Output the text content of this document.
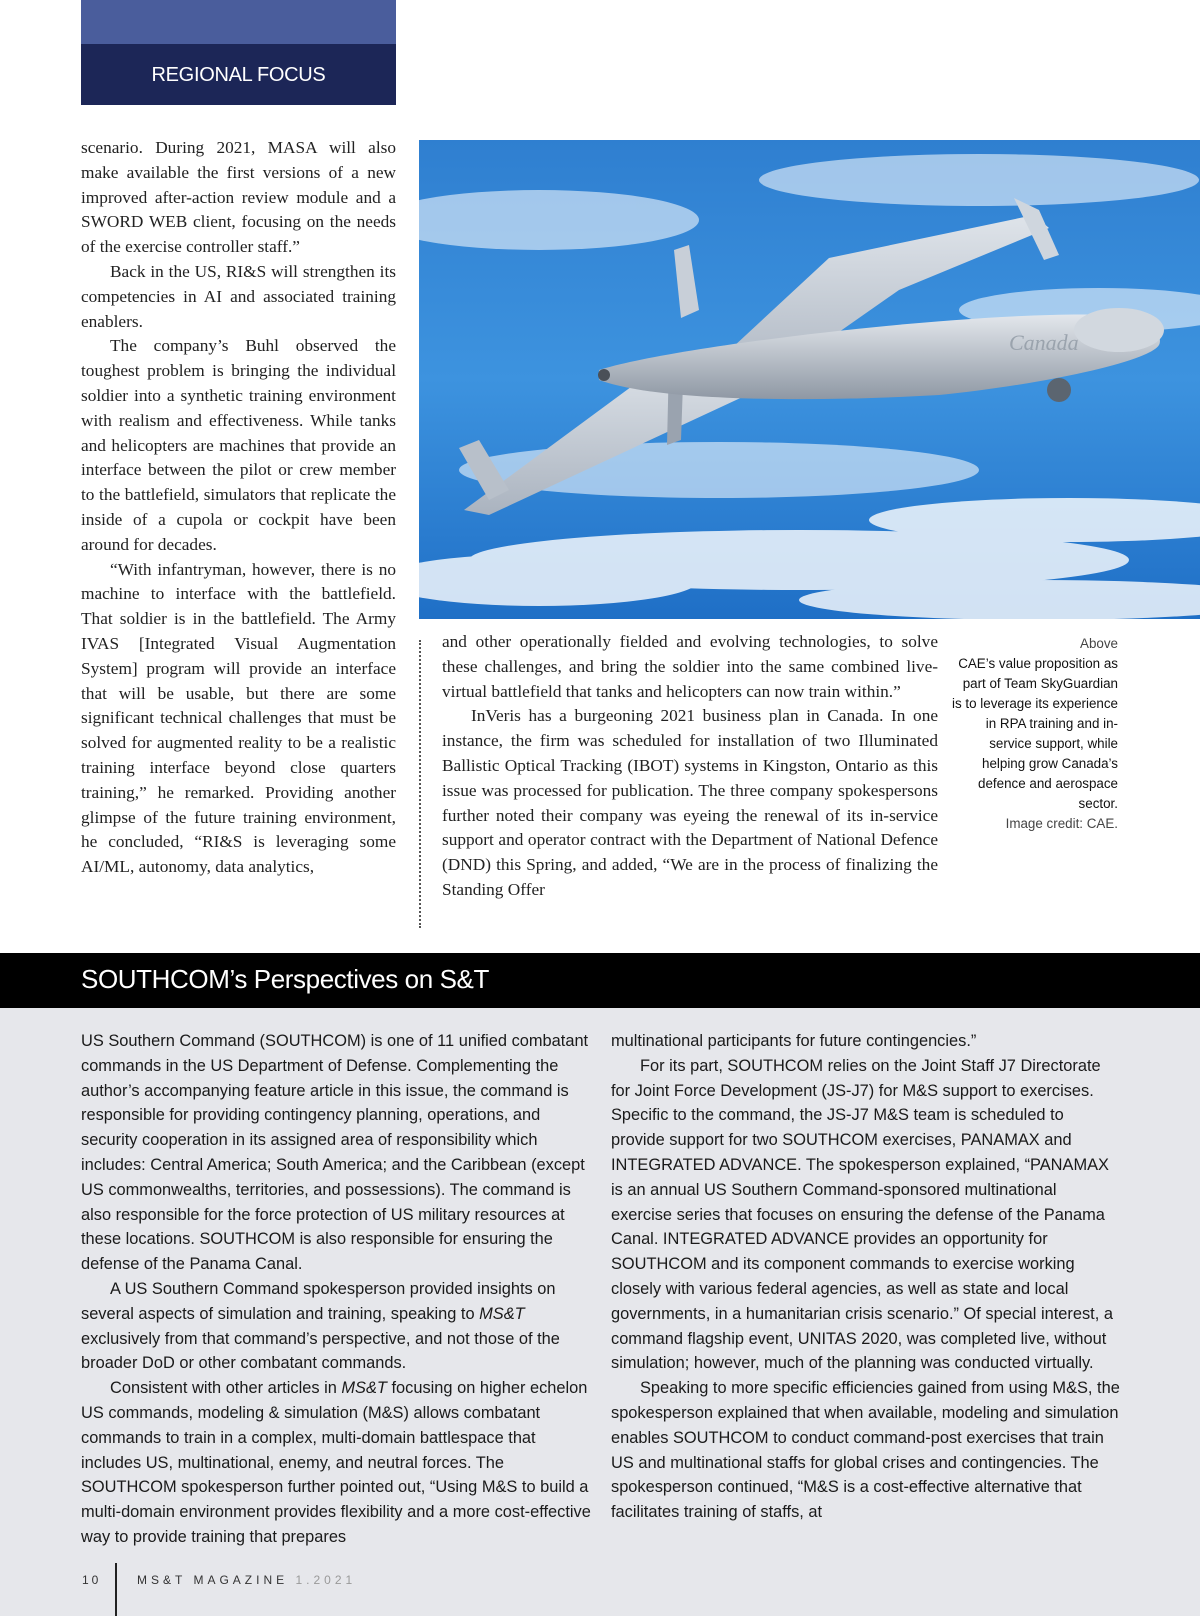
REGIONAL FOCUS

scenario. During 2021, MASA will also make available the first versions of a new improved after-action review module and a SWORD WEB client, focusing on the needs of the exercise controller staff.”

Back in the US, RI&S will strengthen its competencies in AI and associated training enablers.

The company’s Buhl observed the toughest problem is bringing the individual soldier into a synthetic training environment with realism and effectiveness. While tanks and helicopters are machines that provide an interface between the pilot or crew member to the battlefield, simulators that replicate the inside of a cupola or cockpit have been around for decades.

“With infantryman, however, there is no machine to interface with the battlefield. That soldier is in the battlefield. The Army IVAS [Integrated Visual Augmentation System] program will provide an interface that will be usable, but there are some significant technical challenges that must be solved for augmented reality to be a realistic training interface beyond close quarters training,” he remarked. Providing another glimpse of the future training environment, he concluded, “RI&S is leveraging some AI/ML, autonomy, data analytics,

Canada

and other operationally fielded and evolving technologies, to solve these challenges, and bring the soldier into the same combined live-virtual battlefield that tanks and helicopters can now train within.”

InVeris has a burgeoning 2021 business plan in Canada. In one instance, the firm was scheduled for installation of two Illuminated Ballistic Optical Tracking (IBOT) systems in Kingston, Ontario as this issue was processed for publication. The three company spokespersons further noted their company was eyeing the renewal of its in-service support and operator contract with the Department of National Defence (DND) this Spring, and added, “We are in the process of finalizing the Standing Offer

Above
CAE’s value proposition as part of Team SkyGuardian is to leverage its experience in RPA training and in-service support, while helping grow Canada’s defence and aerospace sector.
Image credit: CAE.
SOUTHCOM’s Perspectives on S&T

US Southern Command (SOUTHCOM) is one of 11 unified combatant commands in the US Department of Defense. Complementing the author’s accompanying feature article in this issue, the command is responsible for providing contingency planning, operations, and security cooperation in its assigned area of responsibility which includes: Central America; South America; and the Caribbean (except US commonwealths, territories, and possessions). The command is also responsible for the force protection of US military resources at these locations. SOUTHCOM is also responsible for ensuring the defense of the Panama Canal.

A US Southern Command spokesperson provided insights on several aspects of simulation and training, speaking to MS&T exclusively from that command’s perspective, and not those of the broader DoD or other combatant commands.

Consistent with other articles in MS&T focusing on higher echelon US commands, modeling & simulation (M&S) allows combatant commands to train in a complex, multi-domain battlespace that includes US, multinational, enemy, and neutral forces. The SOUTHCOM spokesperson further pointed out, “Using M&S to build a multi-domain environment provides flexibility and a more cost-effective way to provide training that prepares

multinational participants for future contingencies.”

For its part, SOUTHCOM relies on the Joint Staff J7 Directorate for Joint Force Development (JS-J7) for M&S support to exercises. Specific to the command, the JS-J7 M&S team is scheduled to provide support for two SOUTHCOM exercises, PANAMAX and INTEGRATED ADVANCE. The spokesperson explained, “PANAMAX is an annual US Southern Command-sponsored multinational exercise series that focuses on ensuring the defense of the Panama Canal. INTEGRATED ADVANCE provides an opportunity for SOUTHCOM and its component commands to exercise working closely with various federal agencies, as well as state and local governments, in a humanitarian crisis scenario.” Of special interest, a command flagship event, UNITAS 2020, was completed live, without simulation; however, much of the planning was conducted virtually.

Speaking to more specific efficiencies gained from using M&S, the spokesperson explained that when available, modeling and simulation enables SOUTHCOM to conduct command-post exercises that train US and multinational staffs for global crises and contingencies. The spokesperson continued, “M&S is a cost-effective alternative that facilitates training of staffs, at

10	MS&T MAGAZINE 1.2021
